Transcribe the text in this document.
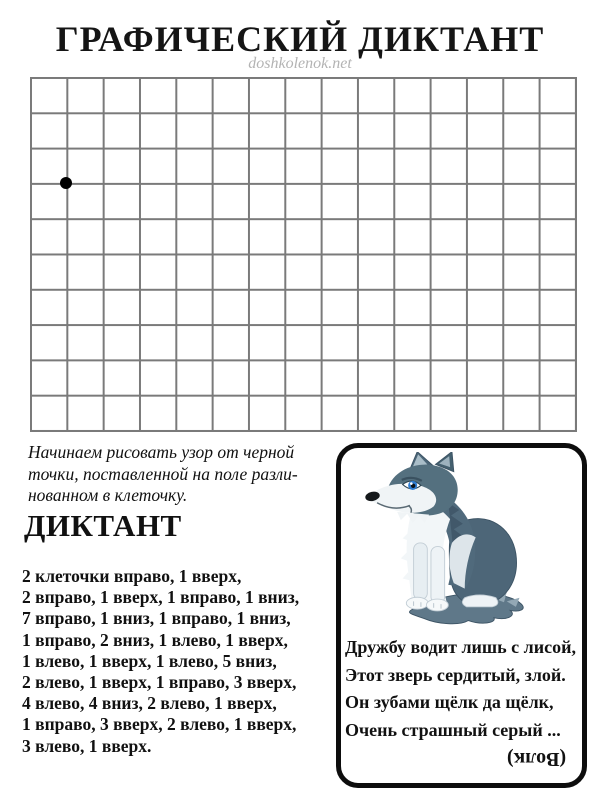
ГРАФИЧЕСКИЙ ДИКТАНТ
doshkolenok.net
Начинаем рисовать узор от черной
точки, поставленной на поле разли-
нованном в клеточку.
ДИКТАНТ
2 клеточки вправо, 1 вверх,
2 вправо, 1 вверх, 1 вправо, 1 вниз,
7 вправо, 1 вниз, 1 вправо, 1 вниз,
1 вправо, 2 вниз, 1 влево, 1 вверх,
1 влево, 1 вверх, 1 влево, 5 вниз,
2 влево, 1 вверх, 1 вправо, 3 вверх,
4 влево, 4 вниз, 2 влево, 1 вверх,
1 вправо, 3 вверх, 2 влево, 1 вверх,
3 влево, 1 вверх.
Дружбу водит лишь с лисой,
Этот зверь сердитый, злой.
Он зубами щёлк да щёлк,
Очень страшный серый ...
(Волк)
